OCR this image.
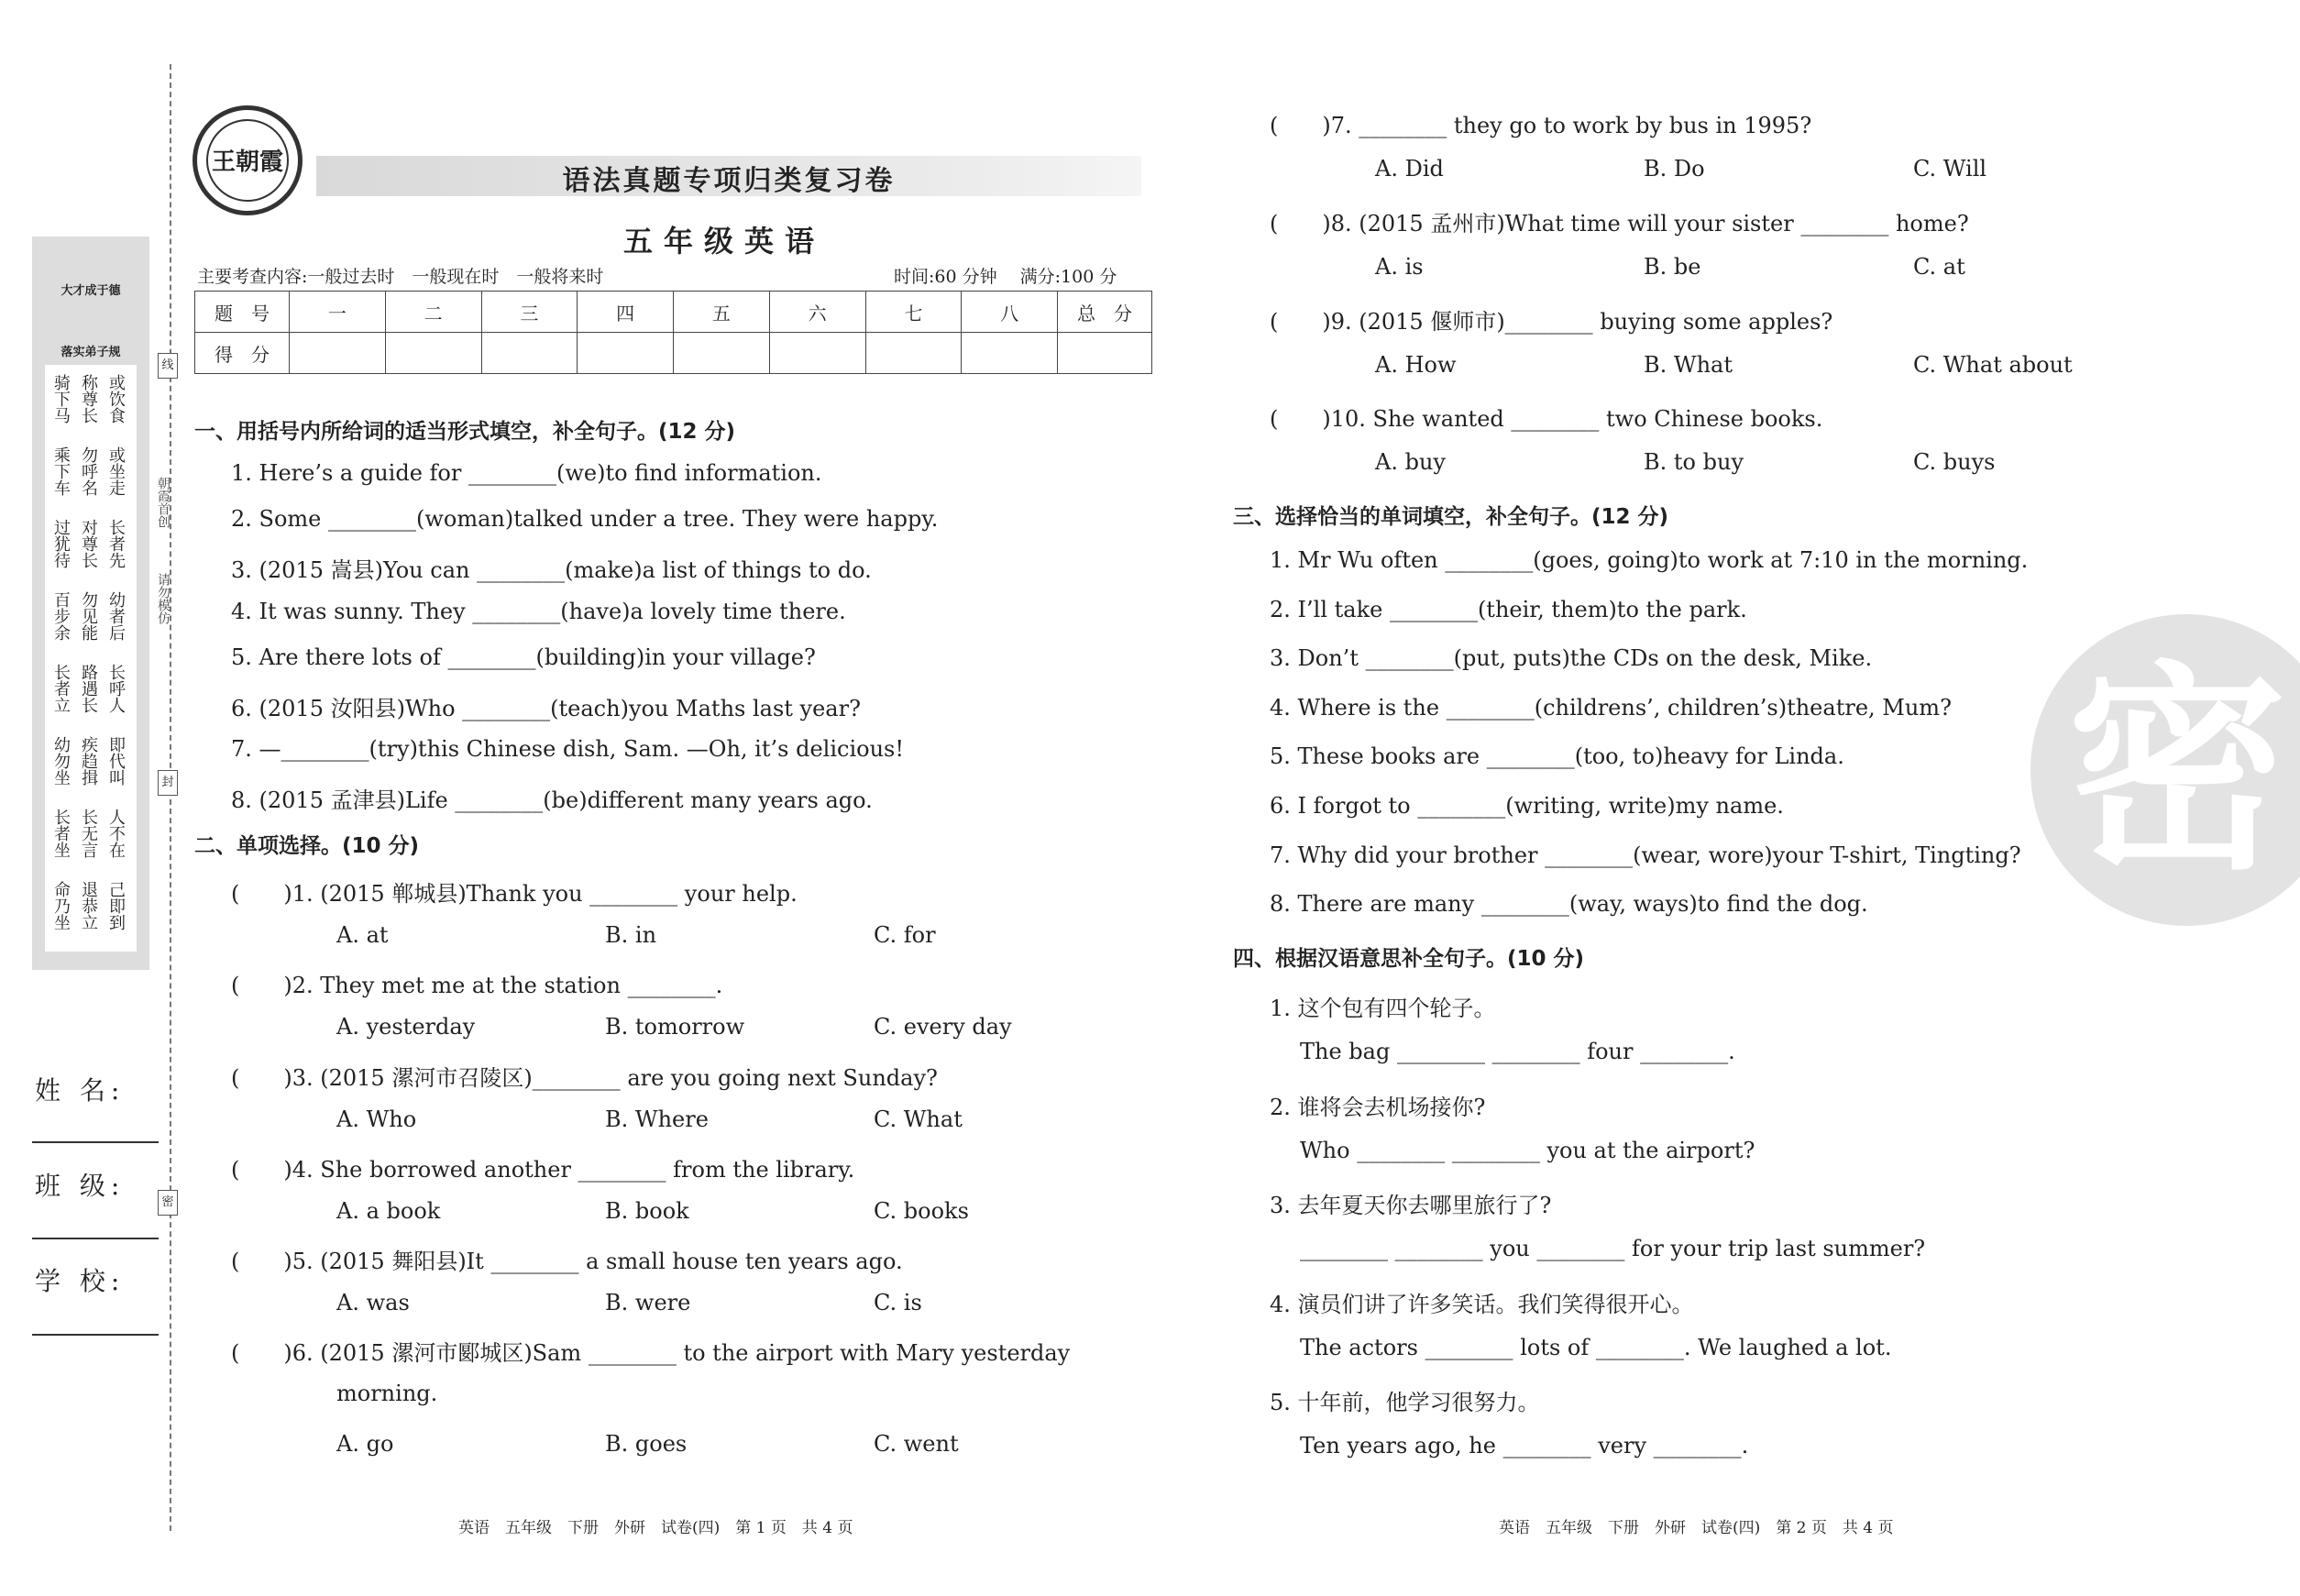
大才成于德
落实弟子规
骑下马 称尊长 或饮食
乘下车 勿呼名 或坐走
过犹待 对尊长 长者先
百步余 勿见能 幼者后
长者立 路遇长 长呼人
幼勿坐 疾趋揖 即代叫
长者坐 长无言 人不在
命乃坐 退恭立 己即到
姓 名:
班 级:
学 校:
线
封
密
朝霞首创
请勿模仿
语法真题专项归类复习卷
王朝霞
五年级英语
主要考查内容:一般过去时　一般现在时　一般将来时	时间:60 分钟　 满分:100 分
题　号	一	二	三	四	五	六	七	八	总　分
得　分									
一、用括号内所给词的适当形式填空，补全句子。(12 分)
1. Here’s a guide for ________(we)to find information.
2. Some ________(woman)talked under a tree. They were happy.
3. (2015 嵩县)You can ________(make)a list of things to do.
4. It was sunny. They ________(have)a lovely time there.
5. Are there lots of ________(building)in your village?
6. (2015 汝阳县)Who ________(teach)you Maths last year?
7. —________(try)this Chinese dish, Sam. —Oh, it’s delicious!
8. (2015 孟津县)Life ________(be)different many years ago.
二、单项选择。(10 分)
(　　)1. (2015 郸城县)Thank you ________ your help.
A. at	B. in	C. for
(　　)2. They met me at the station ________.
A. yesterday	B. tomorrow	C. every day
(　　)3. (2015 漯河市召陵区)________ are you going next Sunday?
A. Who	B. Where	C. What
(　　)4. She borrowed another ________ from the library.
A. a book	B. book	C. books
(　　)5. (2015 舞阳县)It ________ a small house ten years ago.
A. was	B. were	C. is
(　　)6. (2015 漯河市郾城区)Sam ________ to the airport with Mary yesterday
morning.
A. go	B. goes	C. went
(　　)7. ________ they go to work by bus in 1995?
A. Did	B. Do	C. Will
(　　)8. (2015 孟州市)What time will your sister ________ home?
A. is	B. be	C. at
(　　)9. (2015 偃师市)________ buying some apples?
A. How	B. What	C. What about
(　　)10. She wanted ________ two Chinese books.
A. buy	B. to buy	C. buys
三、选择恰当的单词填空，补全句子。(12 分)
1. Mr Wu often ________(goes, going)to work at 7:10 in the morning.
2. I’ll take ________(their, them)to the park.
3. Don’t ________(put, puts)the CDs on the desk, Mike.
4. Where is the ________(childrens’, children’s)theatre, Mum?
5. These books are ________(too, to)heavy for Linda.
6. I forgot to ________(writing, write)my name.
7. Why did your brother ________(wear, wore)your T-shirt, Tingting?
8. There are many ________(way, ways)to find the dog.
四、根据汉语意思补全句子。(10 分)
1. 这个包有四个轮子。
The bag ________ ________ four ________.
2. 谁将会去机场接你?
Who ________ ________ you at the airport?
3. 去年夏天你去哪里旅行了?
________ ________ you ________ for your trip last summer?
4. 演员们讲了许多笑话。我们笑得很开心。
The actors ________ lots of ________. We laughed a lot.
5. 十年前，他学习很努力。
Ten years ago, he ________ very ________.
密
英语　五年级　下册　外研　试卷(四)　第 1 页　共 4 页	英语　五年级　下册　外研　试卷(四)　第 2 页　共 4 页
